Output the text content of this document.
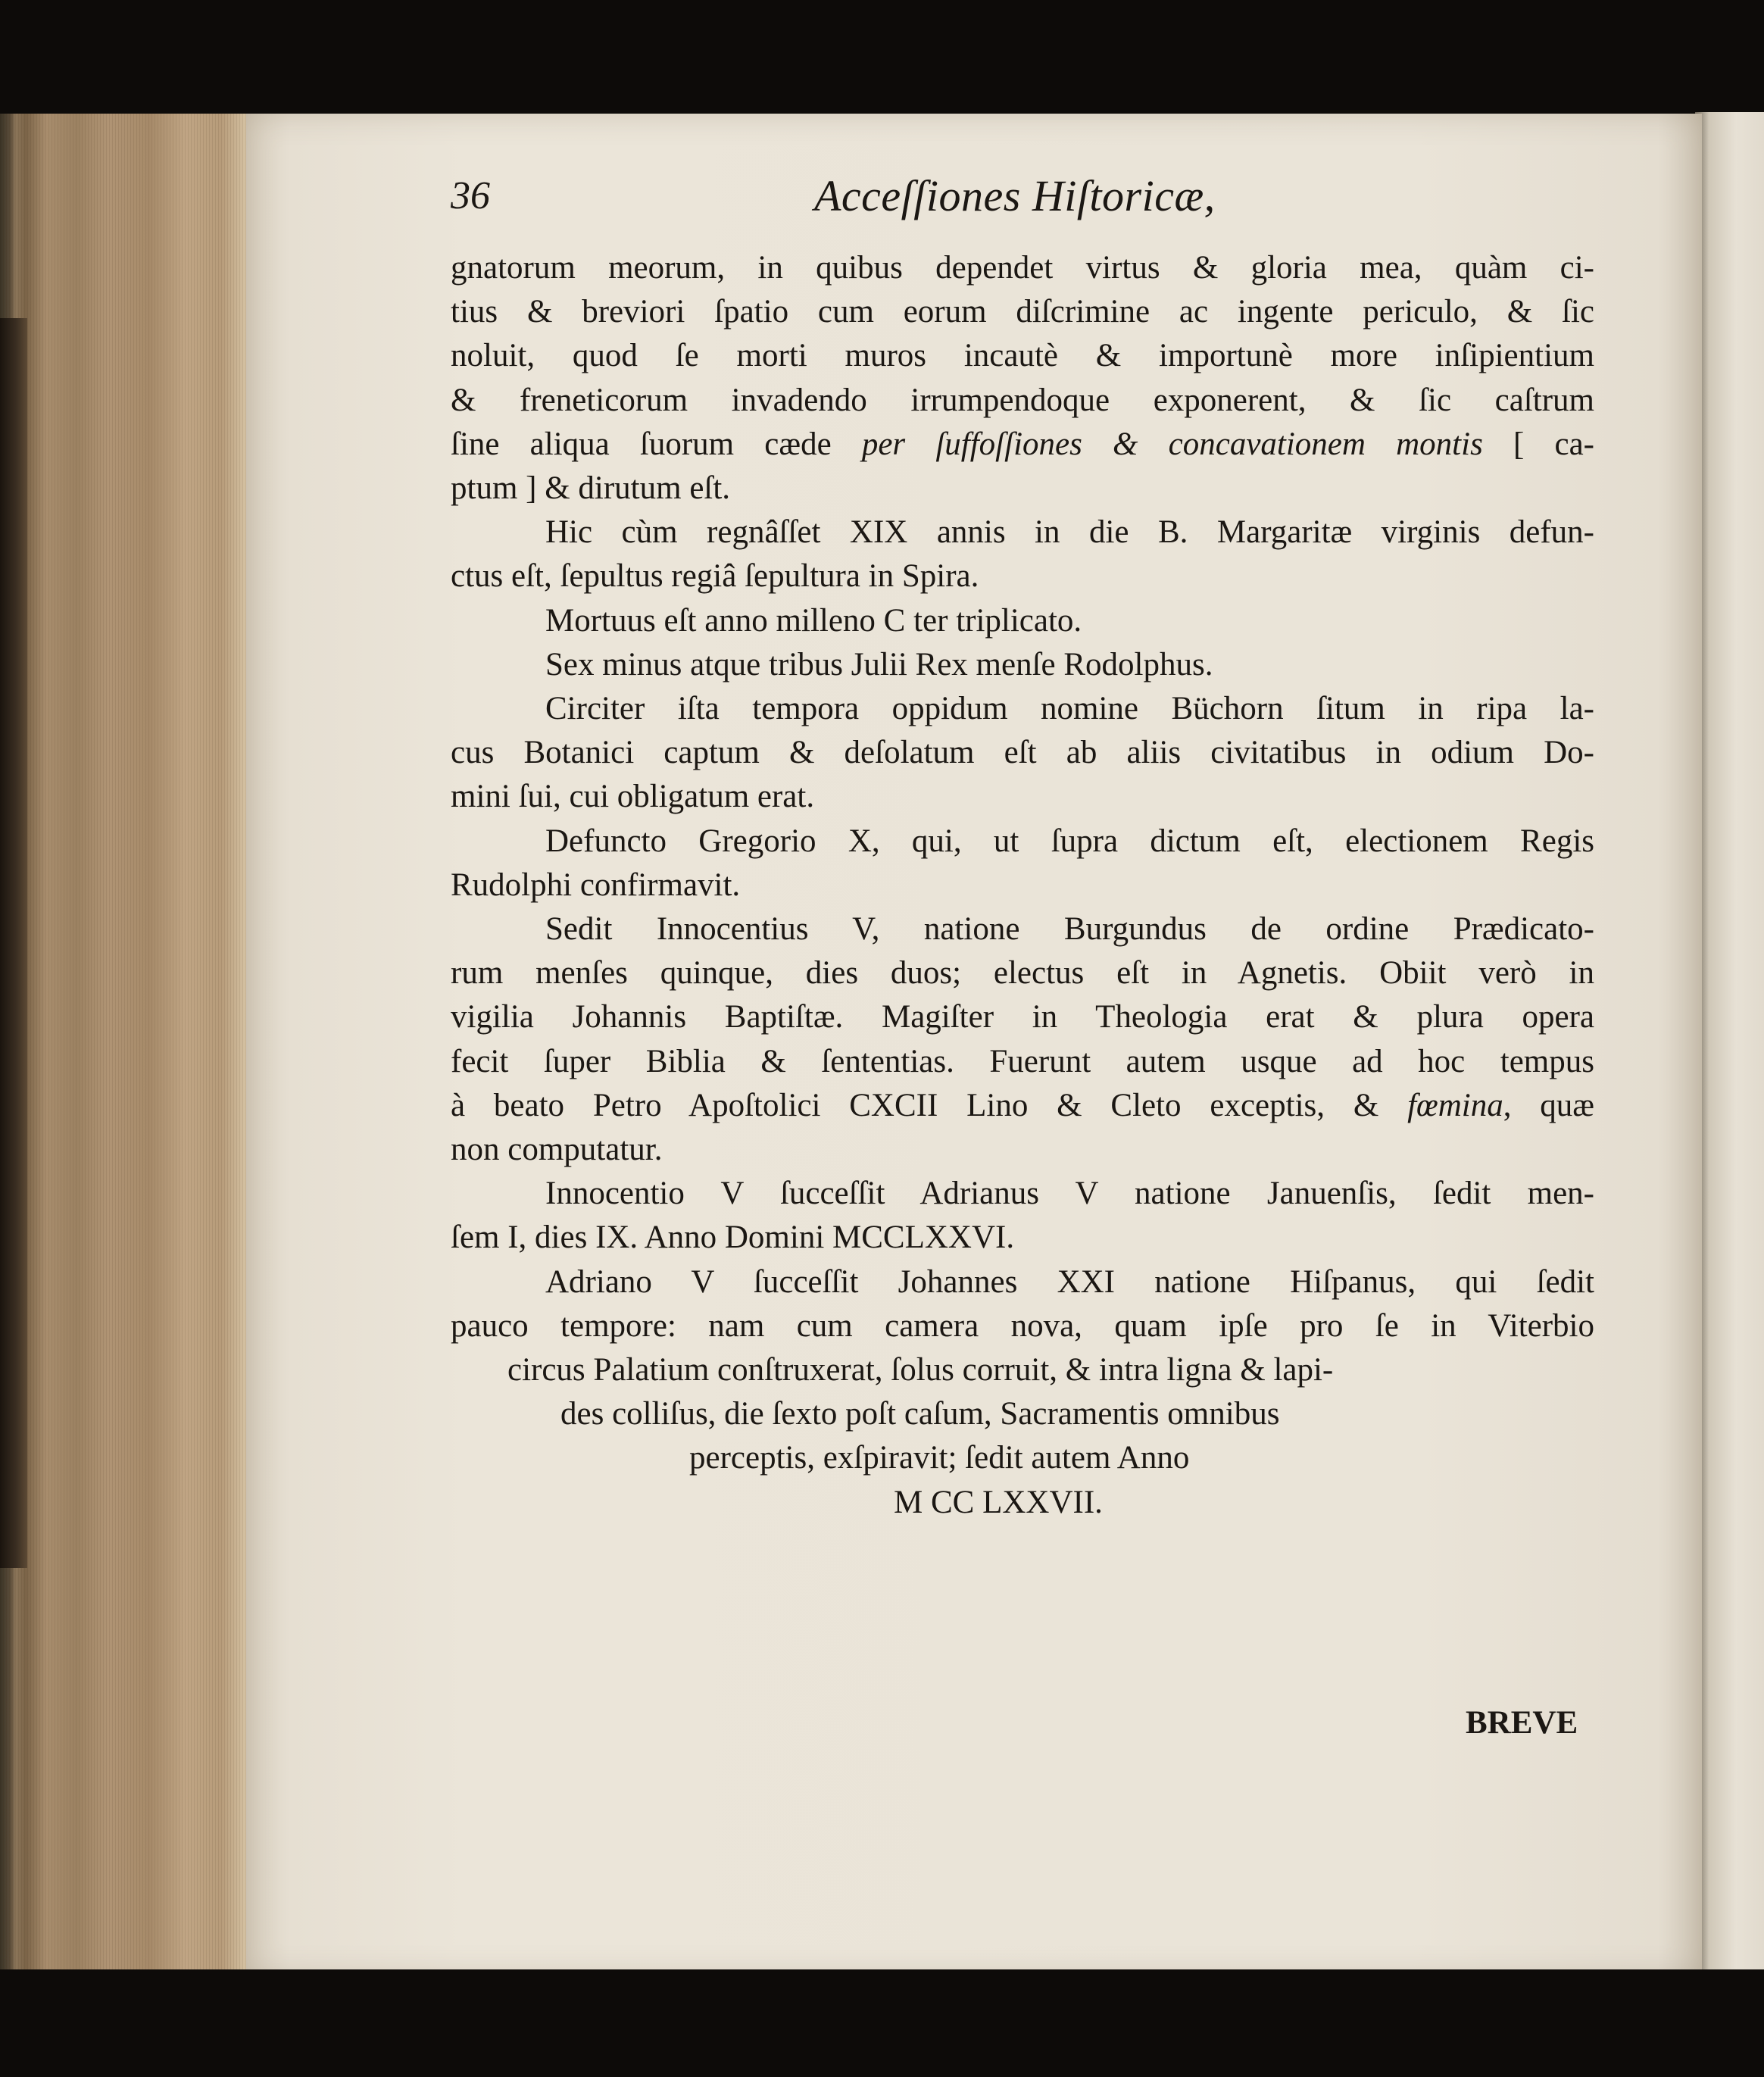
36	Acceſſiones Hiſtoricæ,
gnatorum meorum, in quibus dependet virtus & gloria mea, quàm ci-
tius & breviori ſpatio cum eorum diſcrimine ac ingente periculo, & ſic
noluit, quod ſe morti muros incautè & importunè more inſipientium
& freneticorum invadendo irrumpendoque exponerent, & ſic caſtrum
ſine aliqua ſuorum cæde per ſuffoſſiones & concavationem montis [ ca-
ptum ] & dirutum eſt.
Hic cùm regnâſſet XIX annis in die B. Margaritæ virginis defun-
ctus eſt, ſepultus regiâ ſepultura in Spira.
Mortuus eſt anno milleno C ter triplicato.
Sex minus atque tribus Julii Rex menſe Rodolphus.
Circiter iſta tempora oppidum nomine Büchorn ſitum in ripa la-
cus Botanici captum & deſolatum eſt ab aliis civitatibus in odium Do-
mini ſui, cui obligatum erat.
Defuncto Gregorio X, qui, ut ſupra dictum eſt, electionem Regis
Rudolphi confirmavit.
Sedit Innocentius V, natione Burgundus de ordine Prædicato-
rum menſes quinque, dies duos; electus eſt in Agnetis. Obiit verò in
vigilia Johannis Baptiſtæ. Magiſter in Theologia erat & plura opera
fecit ſuper Biblia & ſententias. Fuerunt autem usque ad hoc tempus
à beato Petro Apoſtolici CXCII Lino & Cleto exceptis, & fœmina, quæ
non computatur.
Innocentio V ſucceſſit Adrianus V natione Januenſis, ſedit men-
ſem I, dies IX. Anno Domini MCCLXXVI.
Adriano V ſucceſſit Johannes XXI natione Hiſpanus, qui ſedit
pauco tempore: nam cum camera nova, quam ipſe pro ſe in Viterbio
circus Palatium conſtruxerat, ſolus corruit, & intra ligna & lapi-
des colliſus, die ſexto poſt caſum, Sacramentis omnibus
perceptis, exſpiravit; ſedit autem Anno
M CC LXXVII.
BREVE
